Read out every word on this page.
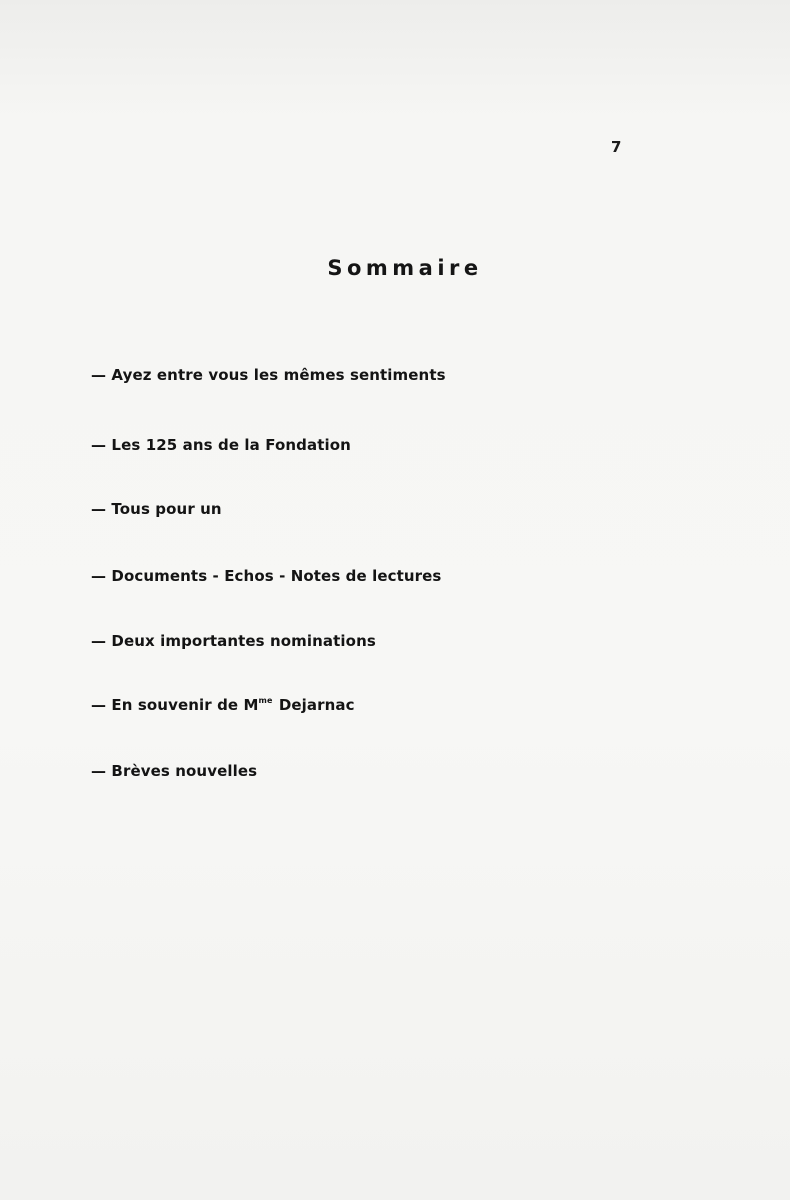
7
Sommaire
— Ayez entre vous les mêmes sentiments
— Les 125 ans de la Fondation
— Tous pour un
— Documents - Echos - Notes de lectures
— Deux importantes nominations
— En souvenir de $M^{me}$ Dejarnac
— Brèves nouvelles
